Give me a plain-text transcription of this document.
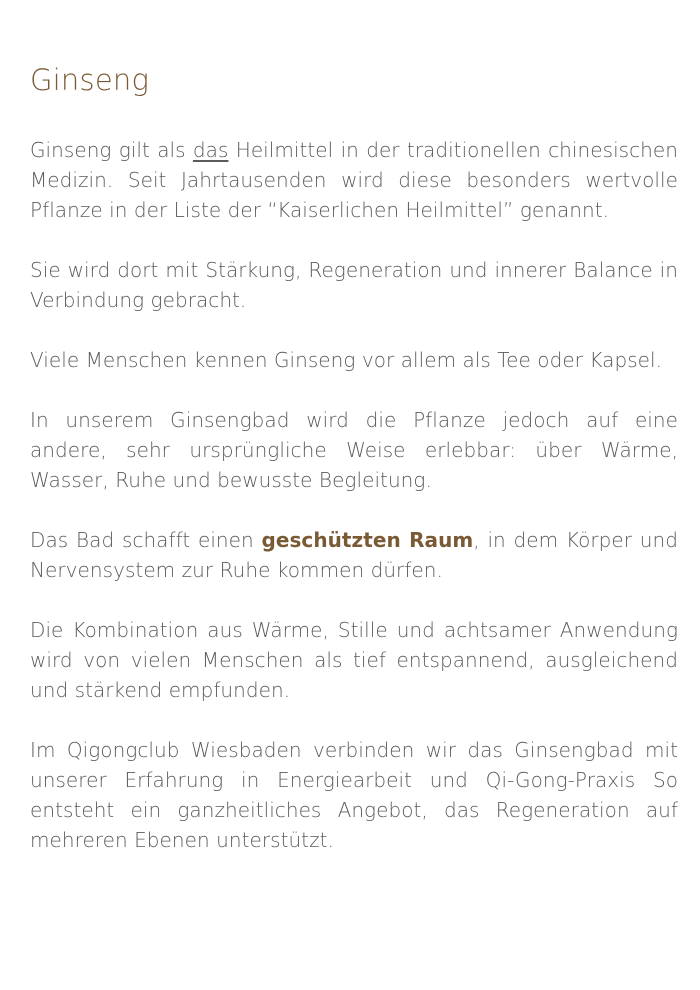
Ginseng

Ginseng gilt als das Heilmittel in der traditionellen chinesischen Medizin. Seit Jahrtausenden wird diese besonders wertvolle Pflanze in der Liste der “Kaiserlichen Heilmittel” genannt.

Sie wird dort mit Stärkung, Regeneration und innerer Balance in Verbindung gebracht.

Viele Menschen kennen Ginseng vor allem als Tee oder Kapsel.

In unserem Ginsengbad wird die Pflanze jedoch auf eine andere, sehr ursprüngliche Weise erlebbar: über Wärme, Wasser, Ruhe und bewusste Begleitung.

Das Bad schafft einen geschützten Raum, in dem Körper und Nervensystem zur Ruhe kommen dürfen.

Die Kombination aus Wärme, Stille und achtsamer Anwendung wird von vielen Menschen als tief entspannend, ausgleichend und stärkend empfunden.

Im Qigongclub Wiesbaden verbinden wir das Ginsengbad mit unserer Erfahrung in Energiearbeit und Qi-Gong-Praxis So entsteht ein ganzheitliches Angebot, das Regeneration auf mehreren Ebenen unterstützt.
